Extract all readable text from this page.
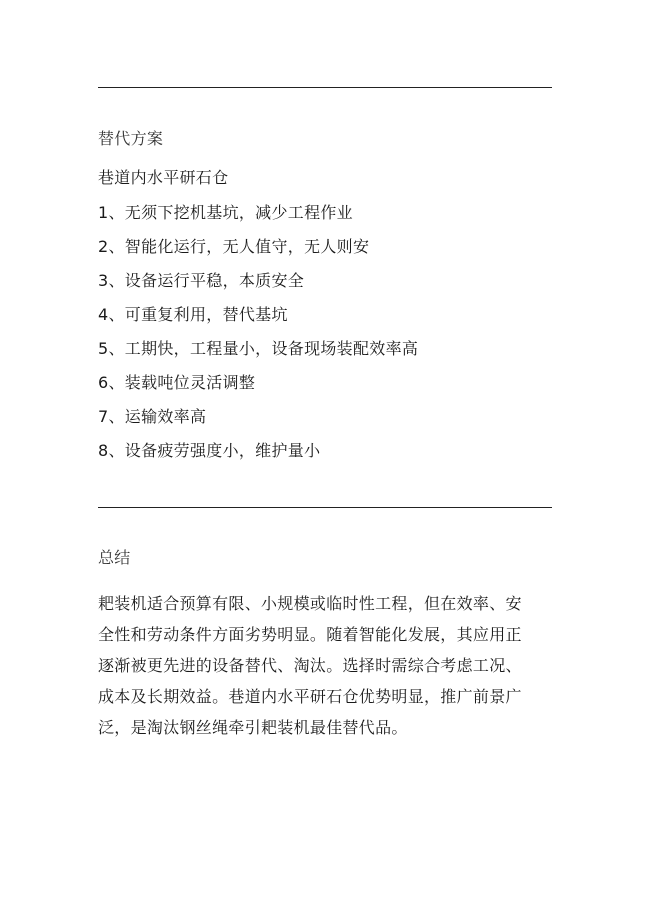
替代方案
巷道内水平研石仓
1、无须下挖机基坑，减少工程作业
2、智能化运行，无人值守，无人则安
3、设备运行平稳，本质安全
4、可重复利用，替代基坑
5、工期快，工程量小，设备现场装配效率高
6、装载吨位灵活调整
7、运输效率高
8、设备疲劳强度小，维护量小
总结

耙装机适合预算有限、小规模或临时性工程，但在效率、安
全性和劳动条件方面劣势明显。随着智能化发展，其应用正
逐渐被更先进的设备替代、淘汰。选择时需综合考虑工况、
成本及长期效益。巷道内水平研石仓优势明显，推广前景广
泛，是淘汰钢丝绳牵引耙装机最佳替代品。
